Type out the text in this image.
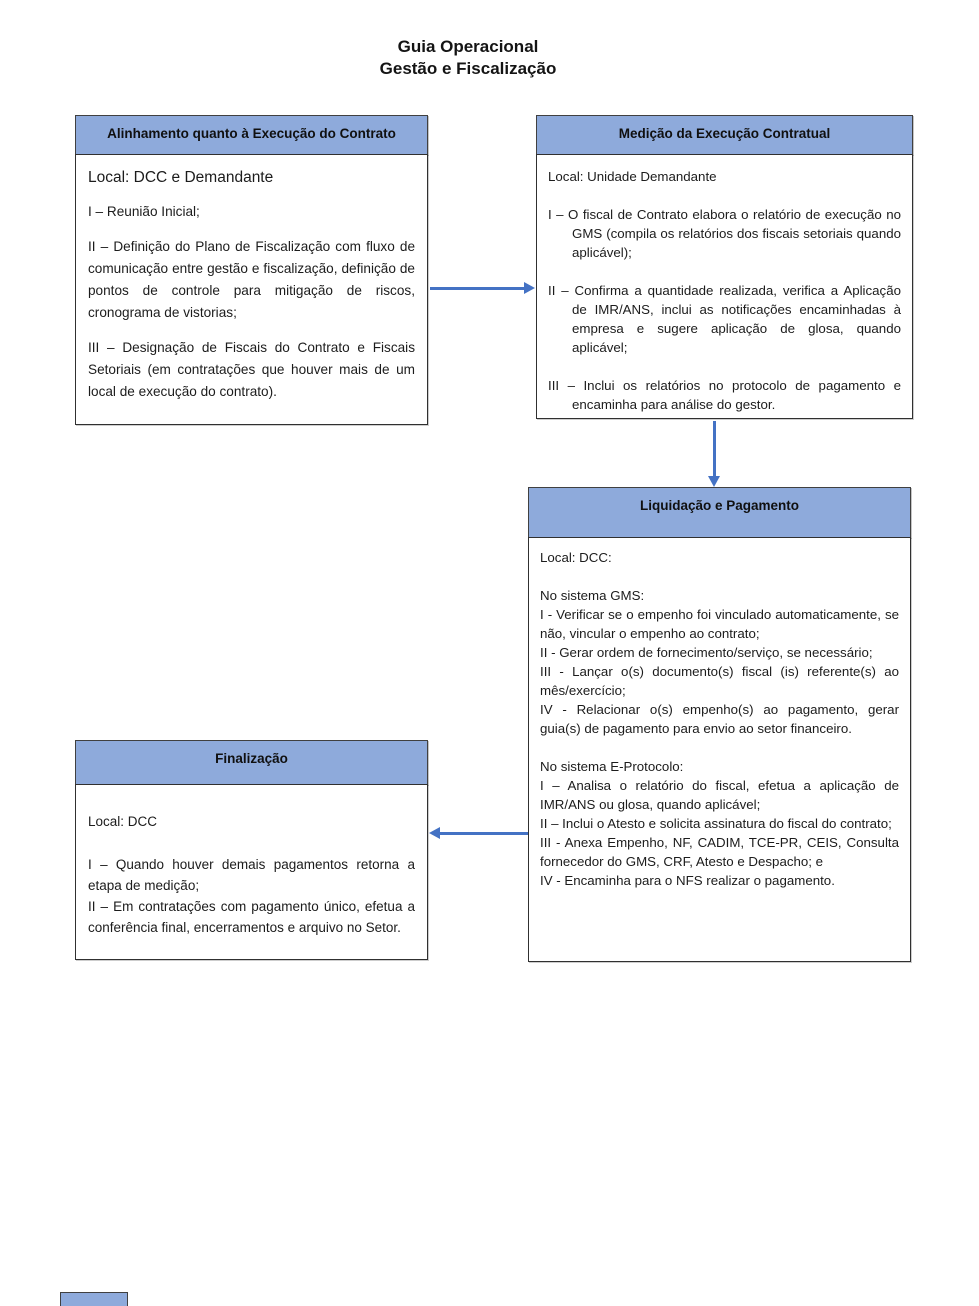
Guia Operacional
Gestão e Fiscalização
Alinhamento quanto à Execução do Contrato

Local: DCC e Demandante

I – Reunião Inicial;

II – Definição do Plano de Fiscalização com fluxo de comunicação entre gestão e fiscalização, definição de pontos de controle para mitigação de riscos, cronograma de vistorias;

III – Designação de Fiscais do Contrato e Fiscais Setoriais (em contratações que houver mais de um local de execução do contrato).

Medição da Execução Contratual

Local: Unidade Demandante

I – O fiscal de Contrato elabora o relatório de execução no GMS (compila os relatórios dos fiscais setoriais quando aplicável);

II – Confirma a quantidade realizada, verifica a Aplicação de IMR/ANS, inclui as notificações encaminhadas à empresa e sugere aplicação de glosa, quando aplicável;

III – Inclui os relatórios no protocolo de pagamento e encaminha para análise do gestor.

Liquidação e Pagamento

Local: DCC:

No sistema GMS:

I - Verificar se o empenho foi vinculado automaticamente, se não, vincular o empenho ao contrato;

II - Gerar ordem de fornecimento/serviço, se necessário;

III - Lançar o(s) documento(s) fiscal (is) referente(s) ao mês/exercício;

IV - Relacionar o(s) empenho(s) ao pagamento, gerar guia(s) de pagamento para envio ao setor financeiro.

No sistema E-Protocolo:

I – Analisa o relatório do fiscal, efetua a aplicação de IMR/ANS ou glosa, quando aplicável;

II – Inclui o Atesto e solicita assinatura do fiscal do contrato;

III - Anexa Empenho, NF, CADIM, TCE-PR, CEIS, Consulta fornecedor do GMS, CRF, Atesto e Despacho; e

IV - Encaminha para o NFS realizar o pagamento.

Finalização

Local: DCC

I – Quando houver demais pagamentos retorna a etapa de medição;

II – Em contratações com pagamento único, efetua a conferência final, encerramentos e arquivo no Setor.
